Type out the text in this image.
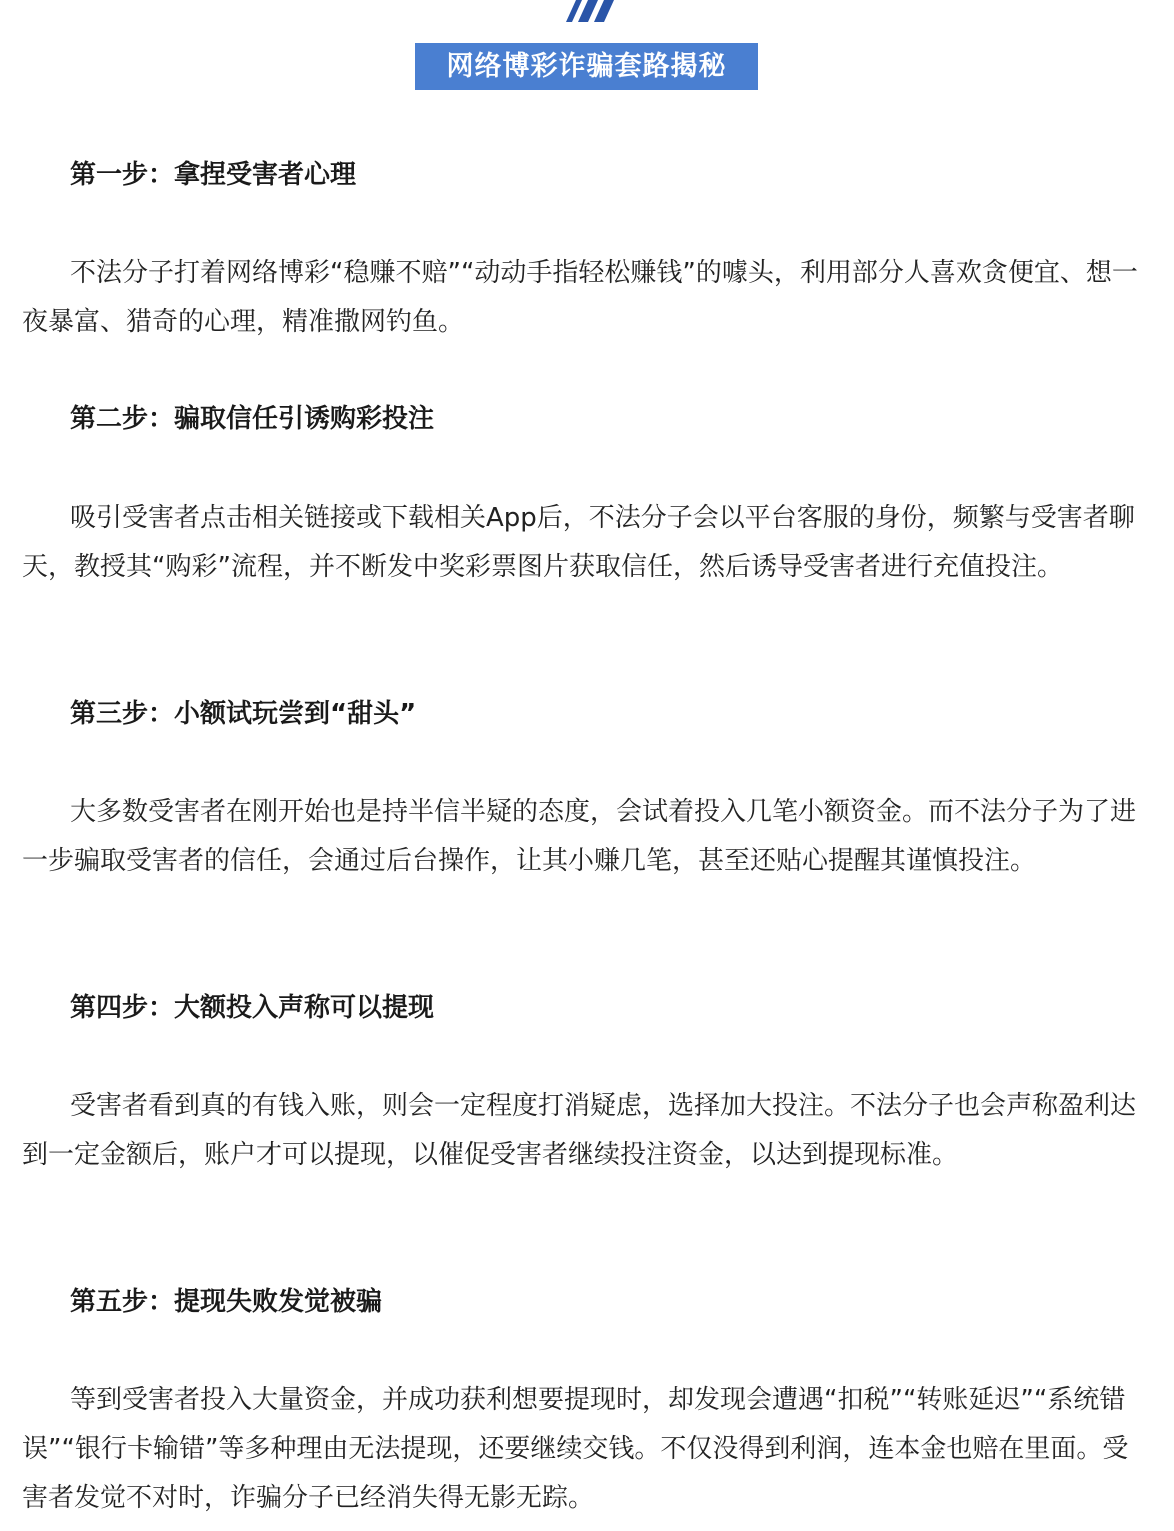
网络博彩诈骗套路揭秘
第一步：拿捏受害者心理

不法分子打着网络博彩“稳赚不赔”“动动手指轻松赚钱”的噱头，利用部分人喜欢贪便宜、想一夜暴富、猎奇的心理，精准撒网钓鱼。

第二步：骗取信任引诱购彩投注

吸引受害者点击相关链接或下载相关App后，不法分子会以平台客服的身份，频繁与受害者聊天，教授其“购彩”流程，并不断发中奖彩票图片获取信任，然后诱导受害者进行充值投注。

第三步：小额试玩尝到“甜头”

大多数受害者在刚开始也是持半信半疑的态度，会试着投入几笔小额资金。而不法分子为了进一步骗取受害者的信任，会通过后台操作，让其小赚几笔，甚至还贴心提醒其谨慎投注。

第四步：大额投入声称可以提现

受害者看到真的有钱入账，则会一定程度打消疑虑，选择加大投注。不法分子也会声称盈利达到一定金额后，账户才可以提现，以催促受害者继续投注资金，以达到提现标准。

第五步：提现失败发觉被骗

等到受害者投入大量资金，并成功获利想要提现时，却发现会遭遇“扣税”“转账延迟”“系统错误”“银行卡输错”等多种理由无法提现，还要继续交钱。不仅没得到利润，连本金也赔在里面。受害者发觉不对时，诈骗分子已经消失得无影无踪。
